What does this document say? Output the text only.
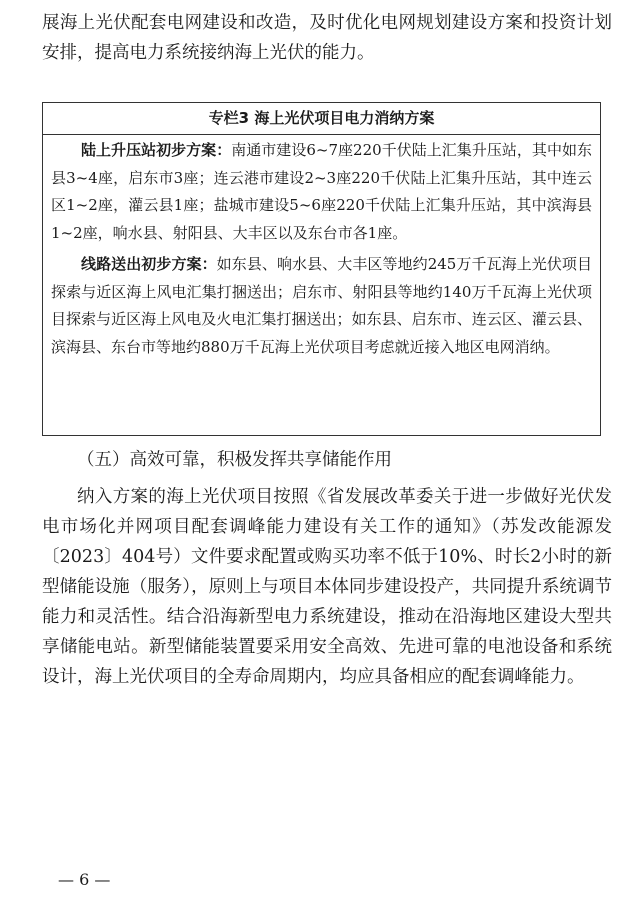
展海上光伏配套电网建设和改造，及时优化电网规划建设方案和投资计划安排，提高电力系统接纳海上光伏的能力。

专栏3 海上光伏项目电力消纳方案

陆上升压站初步方案：南通市建设6~7座220千伏陆上汇集升压站，其中如东县3~4座，启东市3座；连云港市建设2~3座220千伏陆上汇集升压站，其中连云区1~2座，灌云县1座；盐城市建设5~6座220千伏陆上汇集升压站，其中滨海县1~2座，响水县、射阳县、大丰区以及东台市各1座。

线路送出初步方案：如东县、响水县、大丰区等地约245万千瓦海上光伏项目探索与近区海上风电汇集打捆送出；启东市、射阳县等地约140万千瓦海上光伏项目探索与近区海上风电及火电汇集打捆送出；如东县、启东市、连云区、灌云县、滨海县、东台市等地约880万千瓦海上光伏项目考虑就近接入地区电网消纳。

（五）高效可靠，积极发挥共享储能作用

纳入方案的海上光伏项目按照《省发展改革委关于进一步做好光伏发电市场化并网项目配套调峰能力建设有关工作的通知》（苏发改能源发〔2023〕404号）文件要求配置或购买功率不低于10%、时长2小时的新型储能设施（服务），原则上与项目本体同步建设投产，共同提升系统调节能力和灵活性。结合沿海新型电力系统建设，推动在沿海地区建设大型共享储能电站。新型储能装置要采用安全高效、先进可靠的电池设备和系统设计，海上光伏项目的全寿命周期内，均应具备相应的配套调峰能力。

— 6 —
